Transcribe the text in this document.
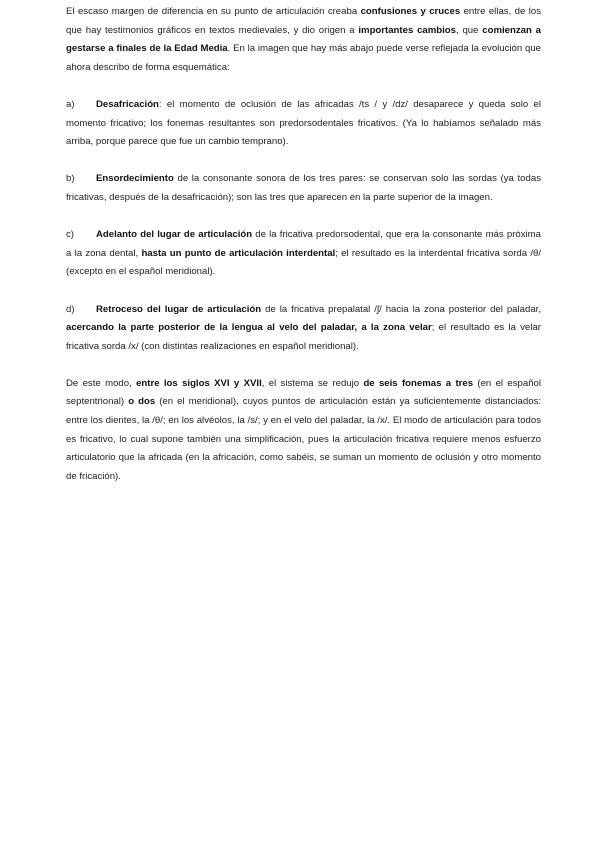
El escaso margen de diferencia en su punto de articulación creaba confusiones y cruces entre ellas, de los que hay testimonios gráficos en textos medievales, y dio origen a importantes cambios, que comienzan a gestarse a finales de la Edad Media. En la imagen que hay más abajo puede verse reflejada la evolución que ahora describo de forma esquemática:

a) Desafricación: el momento de oclusión de las africadas /ts / y /dz/ desaparece y queda solo el momento fricativo; los fonemas resultantes son predorsodentales fricativos. (Ya lo habíamos señalado más arriba, porque parece que fue un cambio temprano).

b) Ensordecimiento de la consonante sonora de los tres pares: se conservan solo las sordas (ya todas fricativas, después de la desafricación); son las tres que aparecen en la parte superior de la imagen.

c) Adelanto del lugar de articulación de la fricativa predorsodental, que era la consonante más próxima a la zona dental, hasta un punto de articulación interdental; el resultado es la interdental fricativa sorda /θ/ (excepto en el español meridional).

d) Retroceso del lugar de articulación de la fricativa prepalatal /ʃ/ hacia la zona posterior del paladar, acercando la parte posterior de la lengua al velo del paladar, a la zona velar; el resultado es la velar fricativa sorda /x/ (con distintas realizaciones en español meridional).

De este modo, entre los siglos XVI y XVII, el sistema se redujo de seis fonemas a tres (en el español septentrional) o dos (en el meridional), cuyos puntos de articulación están ya suficientemente distanciados: entre los dientes, la /θ/; en los alvéolos, la /s/; y en el velo del paladar, la /x/. El modo de articulación para todos es fricativo, lo cual supone también una simplificación, pues la articulación fricativa requiere menos esfuerzo articulatorio que la africada (en la africación, como sabéis, se suman un momento de oclusión y otro momento de fricación).
